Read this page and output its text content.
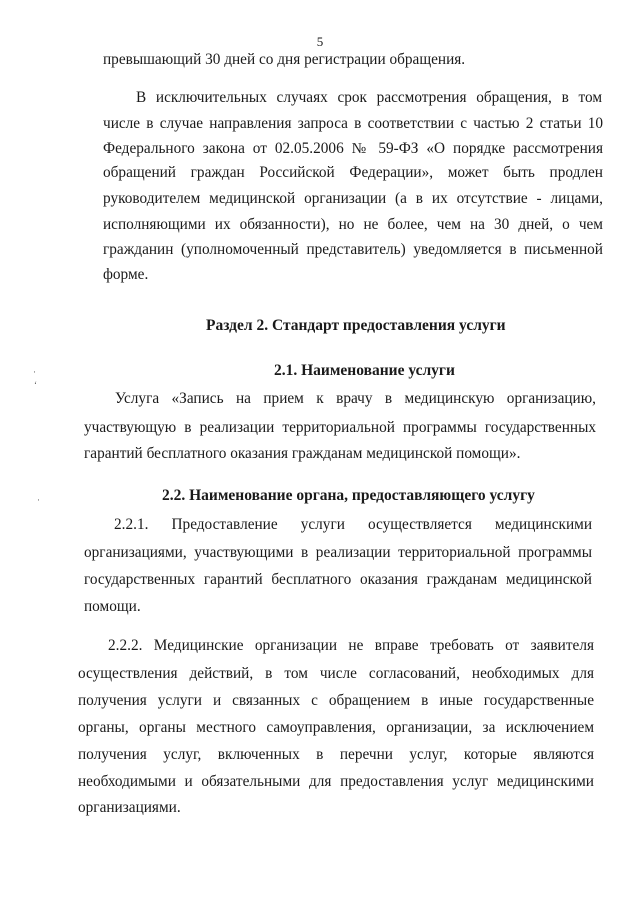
5
превышающий 30 дней со дня регистрации обращения.
В исключительных случаях срок рассмотрения обращения, в том
числе в случае направления запроса в соответствии с частью 2 статьи 10
Федерального закона от 02.05.2006 № 59-ФЗ «О порядке рассмотрения
обращений граждан Российской Федерации», может быть продлен
руководителем медицинской организации (а в их отсутствие - лицами,
исполняющими их обязанности), но не более, чем на 30 дней, о чем
гражданин (уполномоченный представитель) уведомляется в письменной
форме.
Раздел 2. Стандарт предоставления услуги
2.1. Наименование услуги
Услуга «Запись на прием к врачу в медицинскую организацию,
участвующую в реализации территориальной программы государственных
гарантий бесплатного оказания гражданам медицинской помощи».
2.2. Наименование органа, предоставляющего услугу
2.2.1. Предоставление услуги осуществляется медицинскими
организациями, участвующими в реализации территориальной программы
государственных гарантий бесплатного оказания гражданам медицинской
помощи.
2.2.2. Медицинские организации не вправе требовать от заявителя
осуществления действий, в том числе согласований, необходимых для
получения услуги и связанных с обращением в иные государственные
органы, органы местного самоуправления, организации, за исключением
получения услуг, включенных в перечни услуг, которые являются
необходимыми и обязательными для предоставления услуг медицинскими
организациями.
·
‘
·
